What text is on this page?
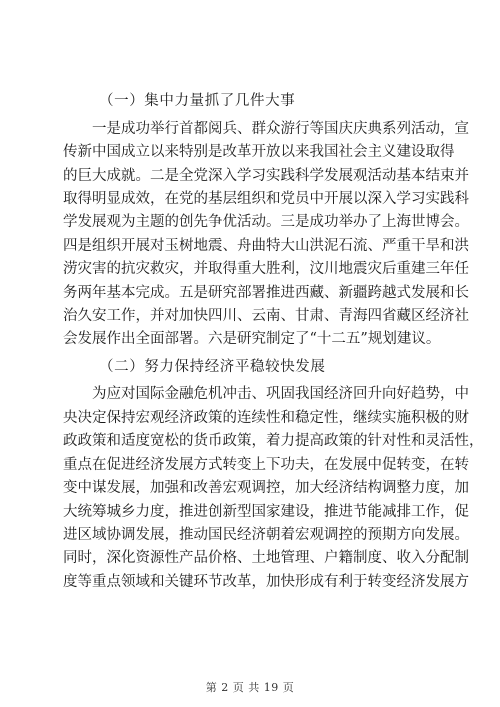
（一）集中力量抓了几件大事
一是成功举行首都阅兵、群众游行等国庆庆典系列活动，宣
传新中国成立以来特别是改革开放以来我国社会主义建设取得
的巨大成就。二是全党深入学习实践科学发展观活动基本结束并
取得明显成效，在党的基层组织和党员中开展以深入学习实践科
学发展观为主题的创先争优活动。三是成功举办了上海世博会。
四是组织开展对玉树地震、舟曲特大山洪泥石流、严重干旱和洪
涝灾害的抗灾救灾，并取得重大胜利，汶川地震灾后重建三年任
务两年基本完成。五是研究部署推进西藏、新疆跨越式发展和长
治久安工作，并对加快四川、云南、甘肃、青海四省藏区经济社
会发展作出全面部署。六是研究制定了“十二五”规划建议。
（二）努力保持经济平稳较快发展
为应对国际金融危机冲击、巩固我国经济回升向好趋势，中
央决定保持宏观经济政策的连续性和稳定性，继续实施积极的财
政政策和适度宽松的货币政策，着力提高政策的针对性和灵活性，
重点在促进经济发展方式转变上下功夫，在发展中促转变，在转
变中谋发展，加强和改善宏观调控，加大经济结构调整力度，加
大统筹城乡力度，推进创新型国家建设，推进节能减排工作，促
进区域协调发展，推动国民经济朝着宏观调控的预期方向发展。
同时，深化资源性产品价格、土地管理、户籍制度、收入分配制
度等重点领域和关键环节改革，加快形成有利于转变经济发展方
第 2 页 共 19 页
